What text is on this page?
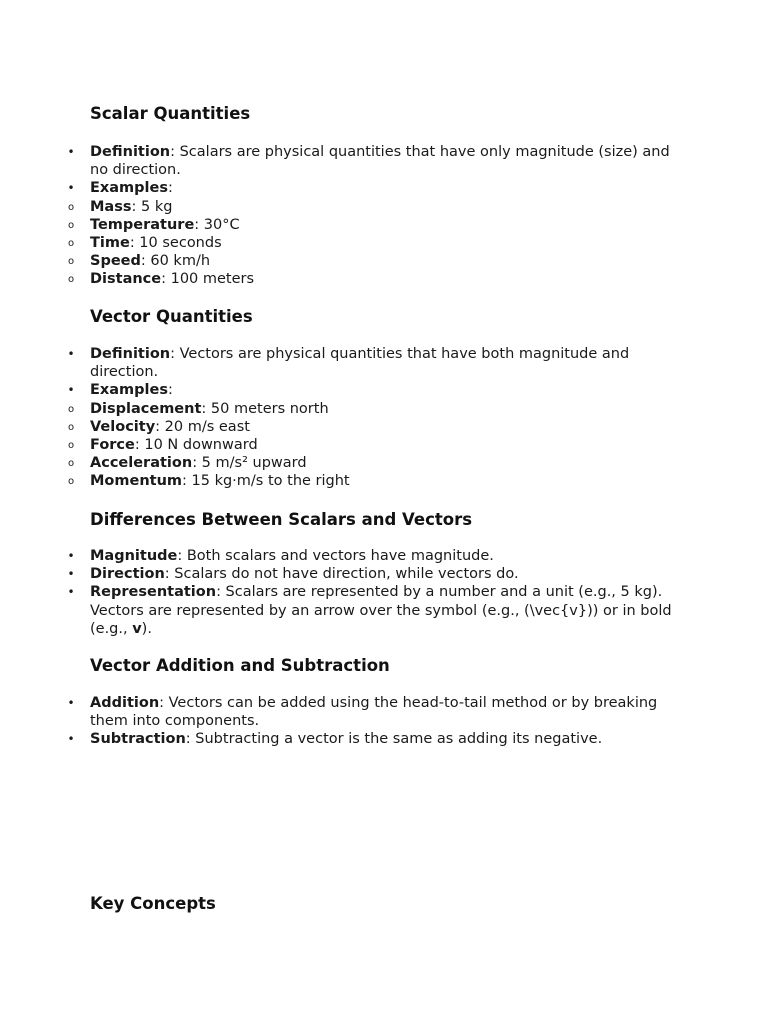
Scalar Quantities
• Definition: Scalars are physical quantities that have only magnitude (size) and no direction.
• Examples:
o Mass: 5 kg
o Temperature: 30°C
o Time: 10 seconds
o Speed: 60 km/h
o Distance: 100 meters
Vector Quantities
• Definition: Vectors are physical quantities that have both magnitude and direction.
• Examples:
o Displacement: 50 meters north
o Velocity: 20 m/s east
o Force: 10 N downward
o Acceleration: 5 m/s² upward
o Momentum: 15 kg·m/s to the right
Differences Between Scalars and Vectors
• Magnitude: Both scalars and vectors have magnitude.
• Direction: Scalars do not have direction, while vectors do.
• Representation: Scalars are represented by a number and a unit (e.g., 5 kg). Vectors are represented by an arrow over the symbol (e.g., (\vec{v})) or in bold (e.g., v).
Vector Addition and Subtraction
• Addition: Vectors can be added using the head-to-tail method or by breaking them into components.
• Subtraction: Subtracting a vector is the same as adding its negative.
Key Concepts
